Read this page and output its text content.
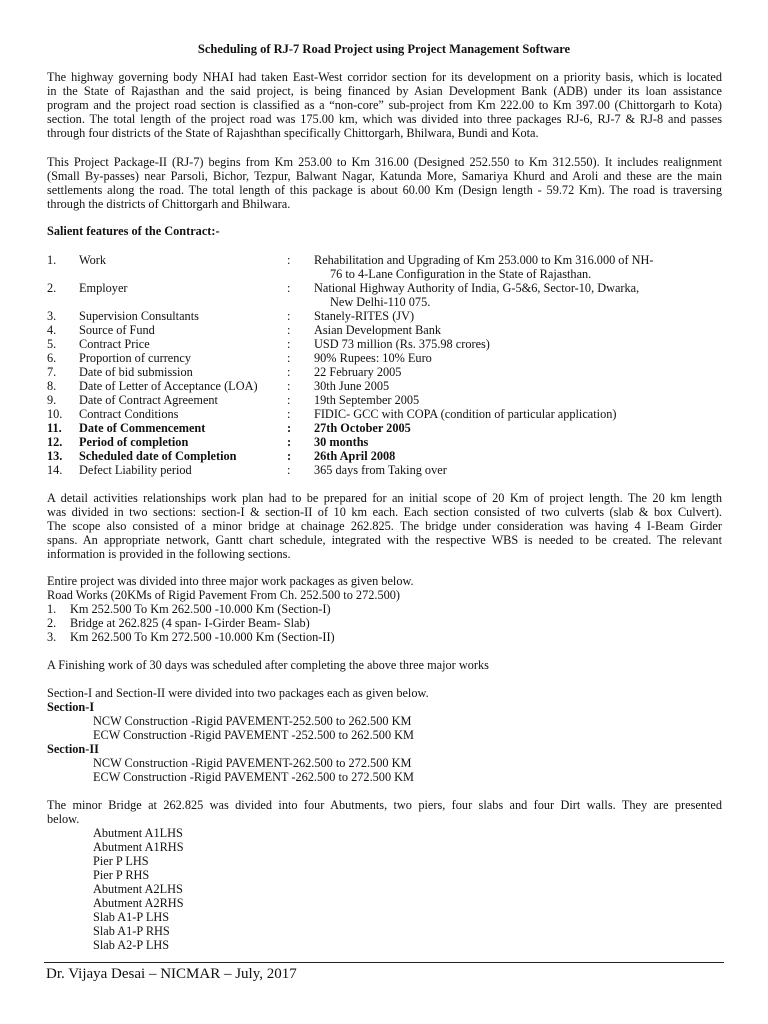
Scheduling of RJ-7 Road Project using Project Management Software
The highway governing body NHAI had taken East-West corridor section for its development on a priority basis, which is located
in the State of Rajasthan and the said project, is being financed by Asian Development Bank (ADB) under its loan assistance
program and the project road section is classified as a “non-core” sub-project from Km 222.00 to Km 397.00 (Chittorgarh to Kota)
section. The total length of the project road was 175.00 km, which was divided into three packages RJ-6, RJ-7 & RJ-8 and passes
through four districts of the State of Rajashthan specifically Chittorgarh, Bhilwara, Bundi and Kota.
This Project Package-II (RJ-7) begins from Km 253.00 to Km 316.00 (Designed 252.550 to Km 312.550). It includes realignment
(Small By-passes) near Parsoli, Bichor, Tezpur, Balwant Nagar, Katunda More, Samariya Khurd and Aroli and these are the main
settlements along the road. The total length of this package is about 60.00 Km (Design length - 59.72 Km). The road is traversing
through the districts of Chittorgarh and Bhilwara.
Salient features of the Contract:-
1. Work	: Rehabilitation and Upgrading of Km 253.000 to Km 316.000 of NH-
76 to 4-Lane Configuration in the State of Rajasthan.
2. Employer	: National Highway Authority of India, G-5&6, Sector-10, Dwarka,
New Delhi-110 075.
3. Supervision Consultants	: Stanely-RITES (JV)
4. Source of Fund	: Asian Development Bank
5. Contract Price	: USD 73 million (Rs. 375.98 crores)
6. Proportion of currency	: 90% Rupees: 10% Euro
7. Date of bid submission	: 22 February 2005
8. Date of Letter of Acceptance (LOA) : 30th June 2005
9. Date of Contract Agreement	: 19th September 2005
10. Contract Conditions	: FIDIC- GCC with COPA (condition of particular application)
11. Date of Commencement	: 27th October 2005
12. Period of completion	: 30 months
13. Scheduled date of Completion	: 26th April 2008
14. Defect Liability period	: 365 days from Taking over
A detail activities relationships work plan had to be prepared for an initial scope of 20 Km of project length. The 20 km length
was divided in two sections: section-I & section-II of 10 km each. Each section consisted of two culverts (slab & box Culvert).
The scope also consisted of a minor bridge at chainage 262.825. The bridge under consideration was having 4 I-Beam Girder
spans. An appropriate network, Gantt chart schedule, integrated with the respective WBS is needed to be created. The relevant
information is provided in the following sections.
Entire project was divided into three major work packages as given below.
Road Works (20KMs of Rigid Pavement From Ch. 252.500 to 272.500)
1. Km 252.500 To Km 262.500 -10.000 Km (Section-I)
2. Bridge at 262.825 (4 span- I-Girder Beam- Slab)
3. Km 262.500 To Km 272.500 -10.000 Km (Section-II)
A Finishing work of 30 days was scheduled after completing the above three major works
Section-I and Section-II were divided into two packages each as given below.
Section-I
NCW Construction -Rigid PAVEMENT-252.500 to 262.500 KM
ECW Construction -Rigid PAVEMENT -252.500 to 262.500 KM
Section-II
NCW Construction -Rigid PAVEMENT-262.500 to 272.500 KM
ECW Construction -Rigid PAVEMENT -262.500 to 272.500 KM
The minor Bridge at 262.825 was divided into four Abutments, two piers, four slabs and four Dirt walls. They are presented
below.
Abutment A1LHS
Abutment A1RHS
Pier P LHS
Pier P RHS
Abutment A2LHS
Abutment A2RHS
Slab A1-P LHS
Slab A1-P RHS
Slab A2-P LHS
Dr. Vijaya Desai – NICMAR – July, 2017
